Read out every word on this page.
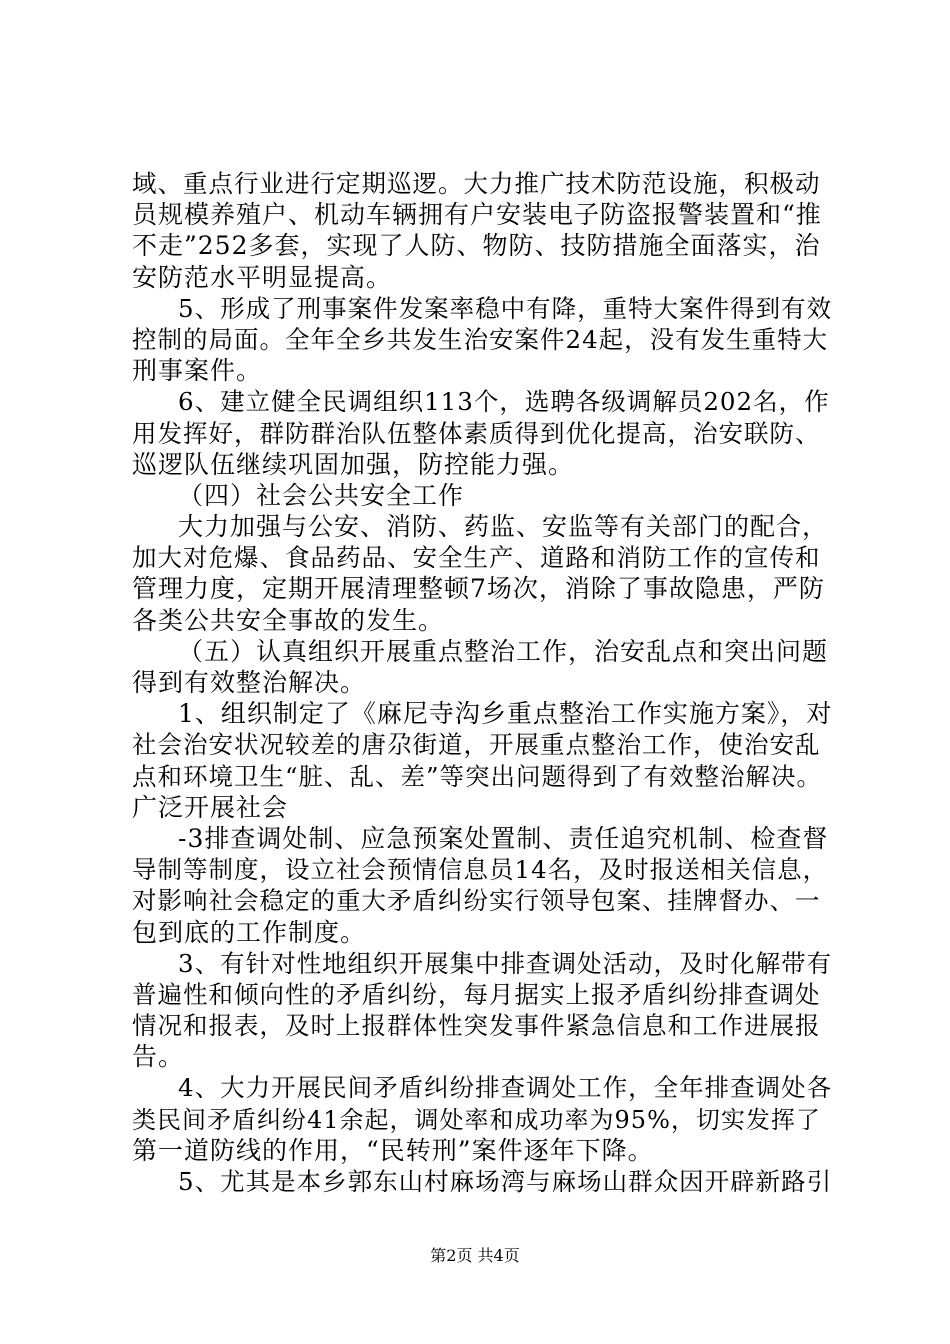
域、重点行业进行定期巡逻。大力推广技术防范设施，积极动
员规模养殖户、机动车辆拥有户安装电子防盗报警装置和“推
不走”252多套，实现了人防、物防、技防措施全面落实，治
安防范水平明显提高。
5、形成了刑事案件发案率稳中有降，重特大案件得到有效
控制的局面。全年全乡共发生治安案件24起，没有发生重特大
刑事案件。
6、建立健全民调组织113个，选聘各级调解员202名，作
用发挥好，群防群治队伍整体素质得到优化提高，治安联防、
巡逻队伍继续巩固加强，防控能力强。
（四）社会公共安全工作
大力加强与公安、消防、药监、安监等有关部门的配合，
加大对危爆、食品药品、安全生产、道路和消防工作的宣传和
管理力度，定期开展清理整顿7场次，消除了事故隐患，严防
各类公共安全事故的发生。
（五）认真组织开展重点整治工作，治安乱点和突出问题
得到有效整治解决。
1、组织制定了《麻尼寺沟乡重点整治工作实施方案》，对
社会治安状况较差的唐尕街道，开展重点整治工作，使治安乱
点和环境卫生“脏、乱、差”等突出问题得到了有效整治解决。
广泛开展社会
-3排查调处制、应急预案处置制、责任追究机制、检查督
导制等制度，设立社会预情信息员14名，及时报送相关信息，
对影响社会稳定的重大矛盾纠纷实行领导包案、挂牌督办、一
包到底的工作制度。
3、有针对性地组织开展集中排查调处活动，及时化解带有
普遍性和倾向性的矛盾纠纷，每月据实上报矛盾纠纷排查调处
情况和报表，及时上报群体性突发事件紧急信息和工作进展报
告。
4、大力开展民间矛盾纠纷排查调处工作，全年排查调处各
类民间矛盾纠纷41余起，调处率和成功率为95%，切实发挥了
第一道防线的作用，“民转刑”案件逐年下降。
5、尤其是本乡郭东山村麻场湾与麻场山群众因开辟新路引
第2页 共4页
